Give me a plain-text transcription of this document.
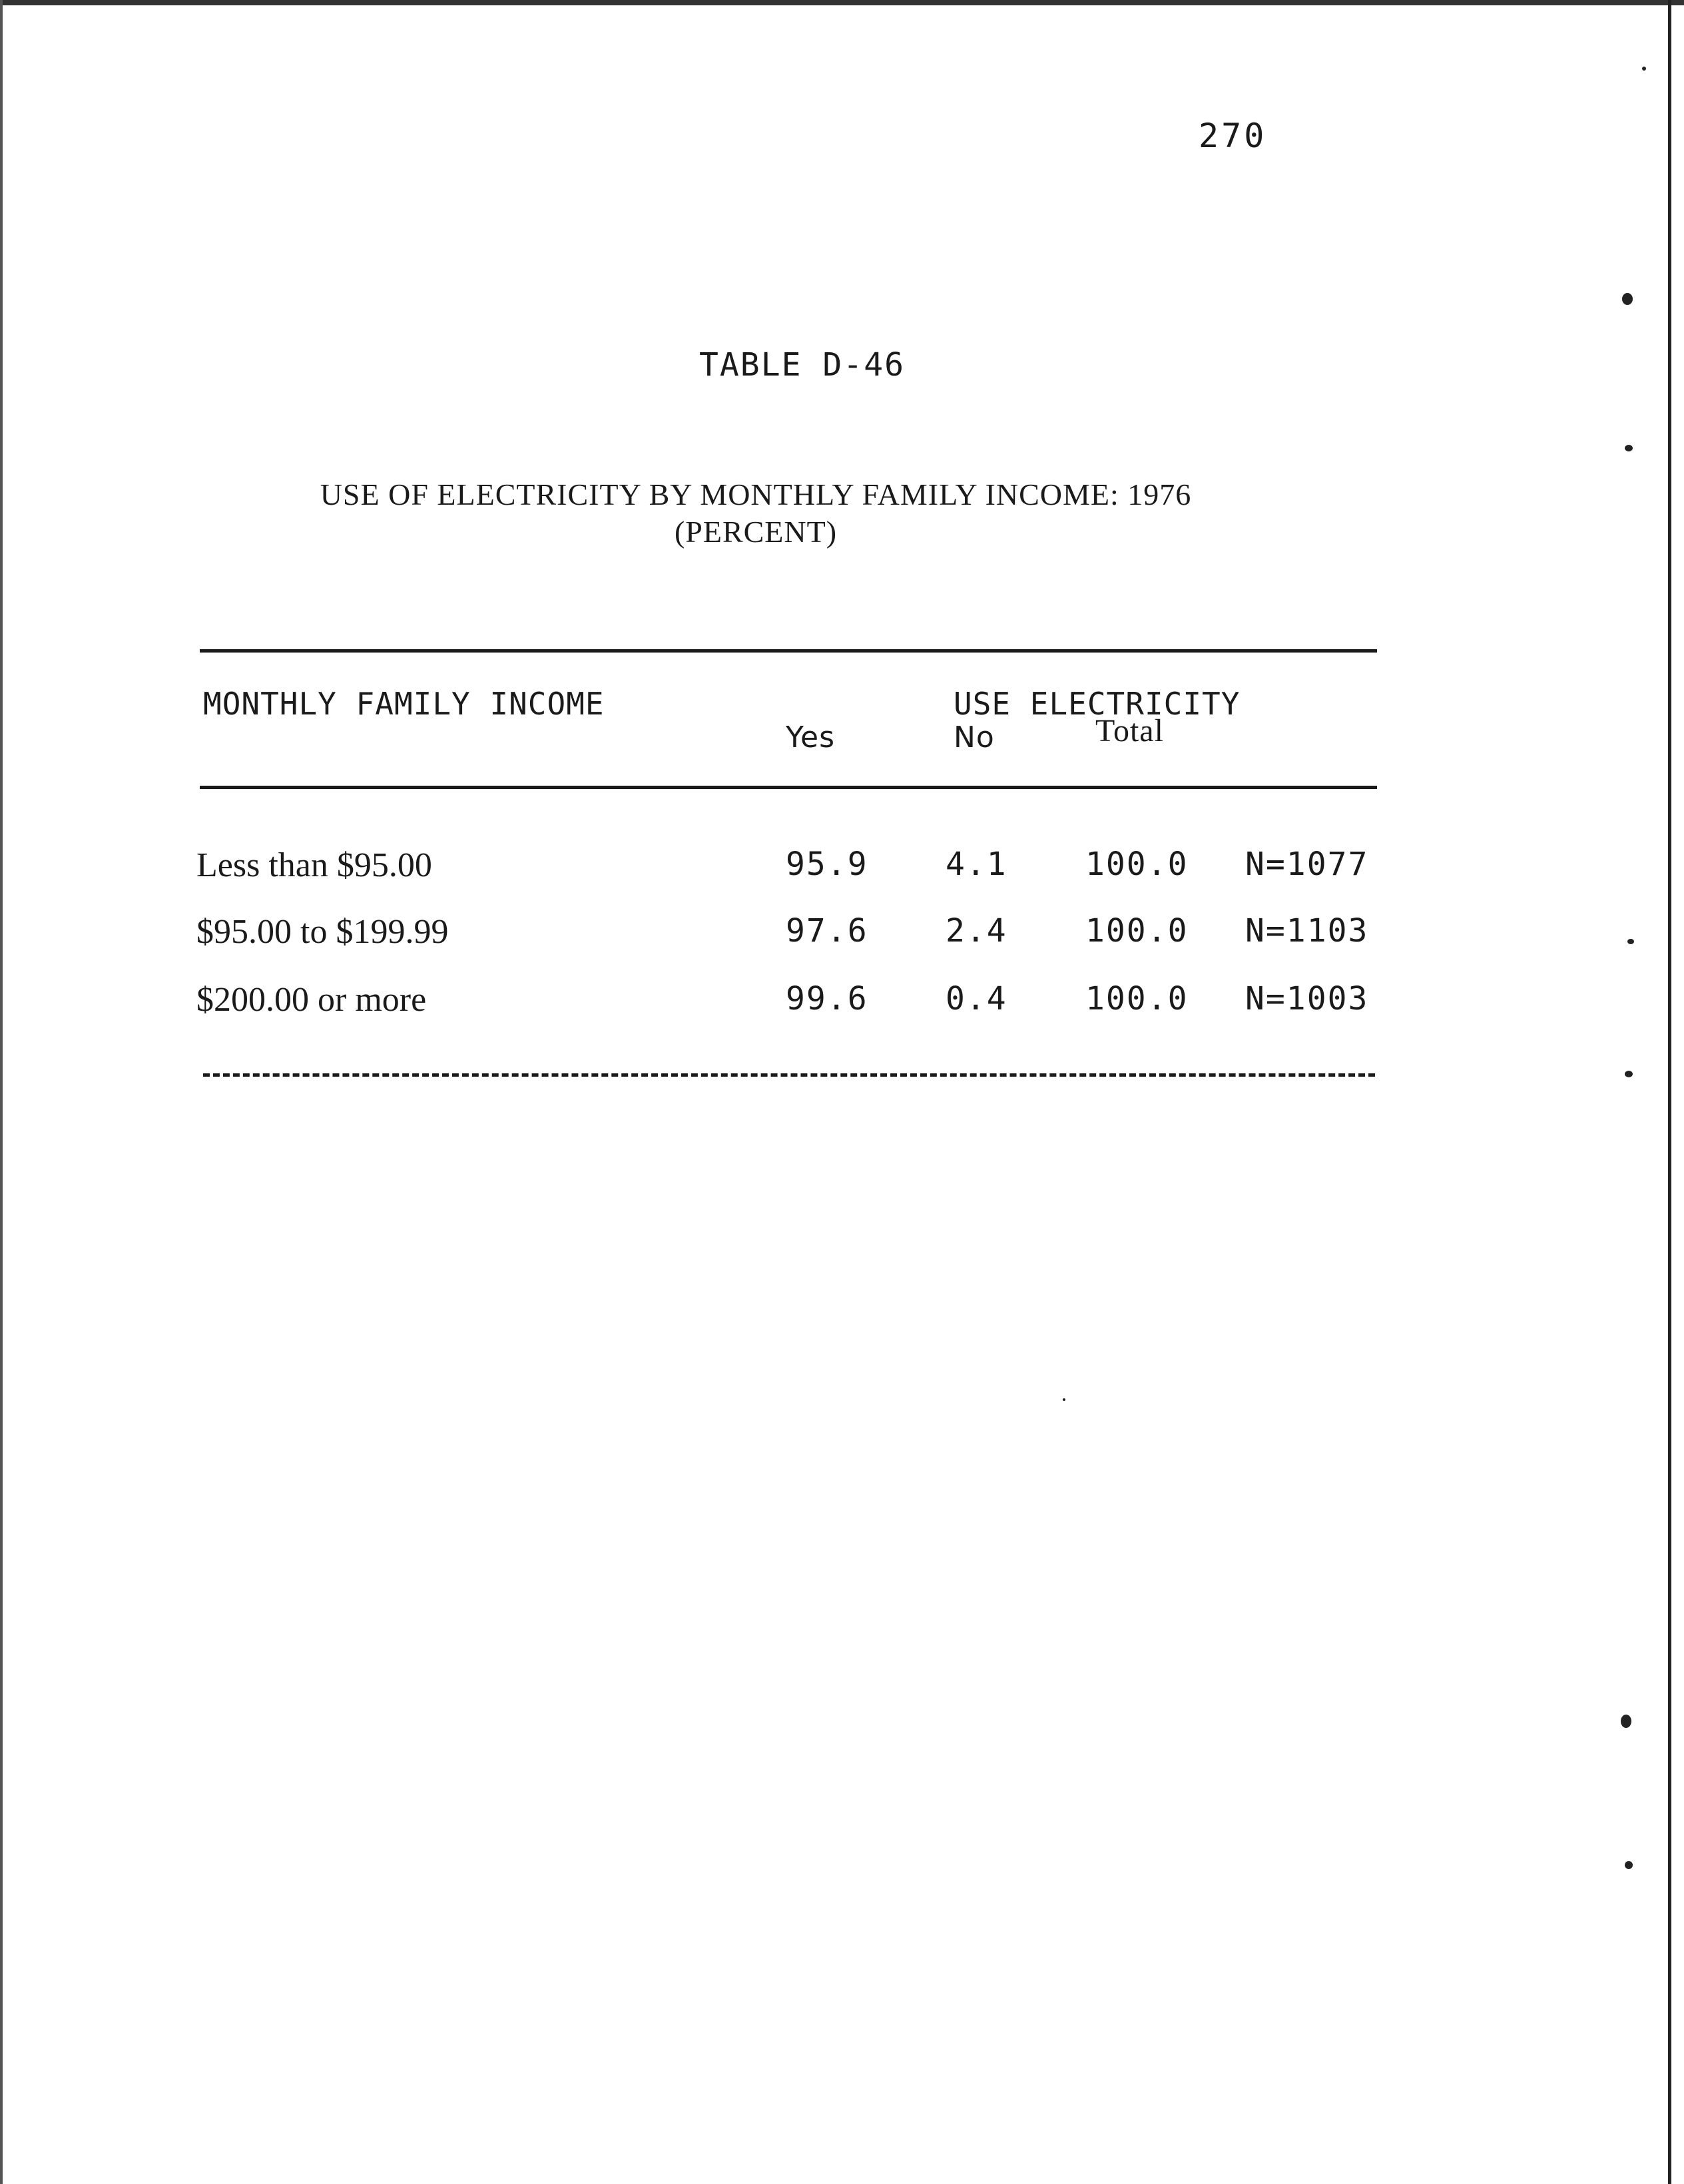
270
TABLE D-46
USE OF ELECTRICITY BY MONTHLY FAMILY INCOME: 1976
(PERCENT)
MONTHLY FAMILY INCOME	USE ELECTRICITY
Yes	No	Total
Less than $95.00	95.9 4.1 100.0 N=1077
$95.00 to $199.99	97.6 2.4 100.0 N=1103
$200.00 or more	99.6 0.4 100.0 N=1003
